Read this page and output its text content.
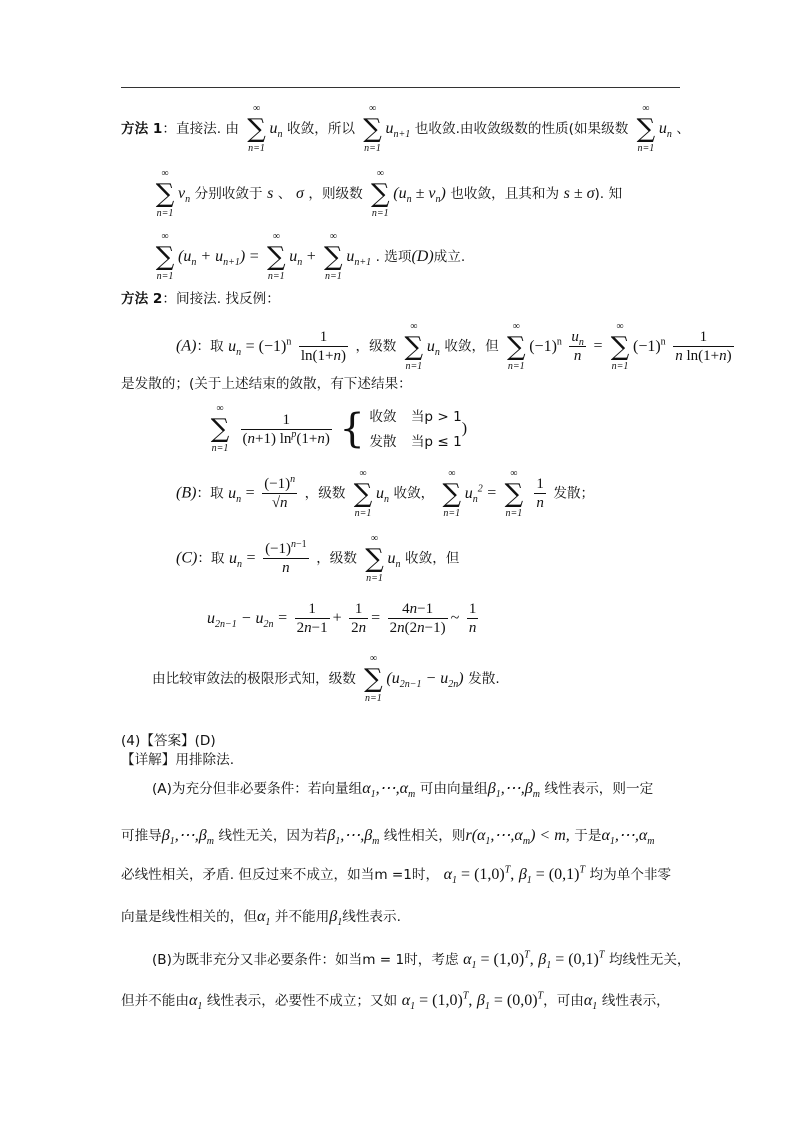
方法 1：直接法. 由
∞
∑
n=1
$u_n$ 收敛，所以
∞
∑
n=1
$u_{n+1}$ 也收敛.由收敛级数的性质(如果级数
∞
∑
n=1
$u_n$ 、
∞
∑
n=1
$v_n$ 分别收敛于 s 、 σ ，则级数
∞
∑
n=1
$(u_n \pm v_n)$ 也收敛，且其和为 s ± σ). 知
∞
∑
n=1
$(u_n + u_{n+1})$ =
∞
∑
n=1
$u_n$ +
∞
∑
n=1
$u_{n+1}$ . 选项(D)成立.
方法 2：间接法. 找反例：
(A)：取 $u_n = (-1)^n \frac{1}{\ln(1+n)}$ ，级数
∞
∑
n=1
$u_n$ 收敛，但
∞
∑
n=1
$(-1)^n \frac{u_n}{n}$ =
∞
∑
n=1
$(-1)^n \frac{1}{\text{n ln(1+n)}}$
是发散的；(关于上述结束的敛散，有下述结果：
∞
∑
n=1

$\frac{1}{(n+1) \ln^p(1+n)}$ { 收敛 当p > 1
发散 当p ≤ 1)
(B)：取 $u_n = \frac{(-1)^n}{√n}$ ，级数
∞
∑
n=1
$u_n$ 收敛，
∞
∑
n=1
$u_n^2$ =
∞
∑
n=1

$\frac{1}{n}$ 发散；
(C)：取 $u_n = \frac{(-1)^{n-1}}{n}$ ，级数
∞
∑
n=1
$u_n$ 收敛，但
$u_{2n-1} - u_{2n} = \frac{1}{2n-1} + \frac{1}{2n} = \frac{4n-1}{2n(2n-1)}$ ~ $\frac{1}{n}$
由比较审敛法的极限形式知，级数
∞
∑
n=1
$(u_{2n-1} - u_{2n})$ 发散.
(4)【答案】(D)
【详解】用排除法.
(A)为充分但非必要条件：若向量组$\alpha_1,\cdots,\alpha_m$ 可由向量组$\beta_1,\cdots,\beta_m$ 线性表示，则一定
可推导$\beta_1,\cdots,\beta_m$ 线性无关，因为若$\beta_1,\cdots,\beta_m$ 线性相关，则$r(\alpha_1,\cdots,\alpha_m) < m$, 于是$\alpha_1,\cdots,\alpha_m$
必线性相关，矛盾. 但反过来不成立，如当m =1时， $\alpha_1 = (1,0)^T$, $\beta_1 = (0,1)^T$ 均为单个非零
向量是线性相关的，但$\alpha_1$ 并不能用$\beta_1$线性表示.
(B)为既非充分又非必要条件：如当m = 1时，考虑 $\alpha_1 = (1,0)^T$, $\beta_1 = (0,1)^T$ 均线性无关，
但并不能由$\alpha_1$ 线性表示，必要性不成立；又如 $\alpha_1 = (1,0)^T$, $\beta_1 = (0,0)^T$，可由$\alpha_1$ 线性表示，
